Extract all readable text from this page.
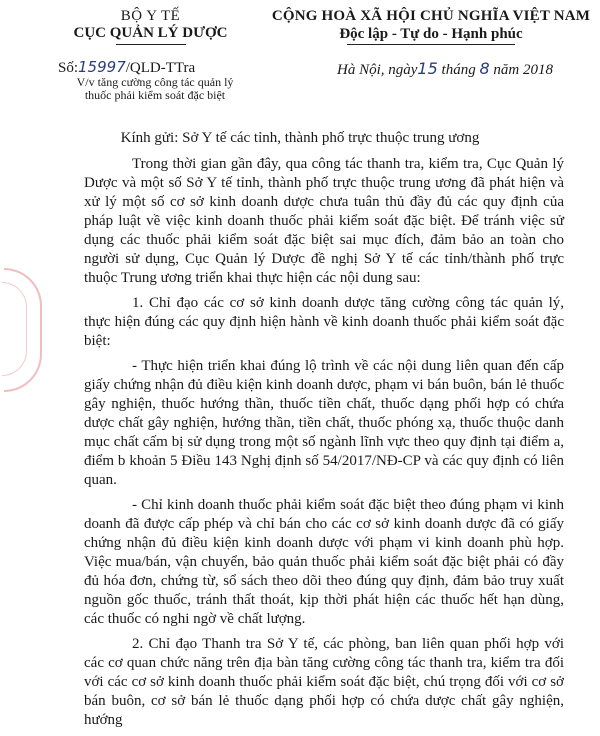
BỘ Y TẾ
CỤC QUẢN LÝ DƯỢC
CỘNG HOÀ XÃ HỘI CHỦ NGHĨA VIỆT NAM
Độc lập - Tự do - Hạnh phúc
Số:15997/QLD-TTra
V/v tăng cường công tác quản lý
thuốc phải kiểm soát đặc biệt
Hà Nội, ngày15 tháng 8 năm 2018
Kính gửi: Sở Y tế các tỉnh, thành phố trực thuộc trung ương

Trong thời gian gần đây, qua công tác thanh tra, kiểm tra, Cục Quản lý Dược và một số Sở Y tế tỉnh, thành phố trực thuộc trung ương đã phát hiện và xử lý một số cơ sở kinh doanh dược chưa tuân thủ đầy đủ các quy định của pháp luật về việc kinh doanh thuốc phải kiểm soát đặc biệt. Để tránh việc sử dụng các thuốc phải kiểm soát đặc biệt sai mục đích, đảm bảo an toàn cho người sử dụng, Cục Quản lý Dược đề nghị Sở Y tế các tỉnh/thành phố trực thuộc Trung ương triển khai thực hiện các nội dung sau:

1. Chỉ đạo các cơ sở kinh doanh dược tăng cường công tác quản lý, thực hiện đúng các quy định hiện hành về kinh doanh thuốc phải kiểm soát đặc biệt:

- Thực hiện triển khai đúng lộ trình về các nội dung liên quan đến cấp giấy chứng nhận đủ điều kiện kinh doanh dược, phạm vi bán buôn, bán lẻ thuốc gây nghiện, thuốc hướng thần, thuốc tiền chất, thuốc dạng phối hợp có chứa dược chất gây nghiện, hướng thần, tiền chất, thuốc phóng xạ, thuốc thuộc danh mục chất cấm bị sử dụng trong một số ngành lĩnh vực theo quy định tại điểm a, điểm b khoản 5 Điều 143 Nghị định số 54/2017/NĐ-CP và các quy định có liên quan.

- Chỉ kinh doanh thuốc phải kiểm soát đặc biệt theo đúng phạm vi kinh doanh đã được cấp phép và chỉ bán cho các cơ sở kinh doanh dược đã có giấy chứng nhận đủ điều kiện kinh doanh dược với phạm vi kinh doanh phù hợp. Việc mua/bán, vận chuyển, bảo quản thuốc phải kiểm soát đặc biệt phải có đầy đủ hóa đơn, chứng từ, sổ sách theo dõi theo đúng quy định, đảm bảo truy xuất nguồn gốc thuốc, tránh thất thoát, kịp thời phát hiện các thuốc hết hạn dùng, các thuốc có nghi ngờ về chất lượng.

2. Chỉ đạo Thanh tra Sở Y tế, các phòng, ban liên quan phối hợp với các cơ quan chức năng trên địa bàn tăng cường công tác thanh tra, kiểm tra đối với các cơ sở kinh doanh thuốc phải kiểm soát đặc biệt, chú trọng đối với cơ sở bán buôn, cơ sở bán lẻ thuốc dạng phối hợp có chứa dược chất gây nghiện, hướng
